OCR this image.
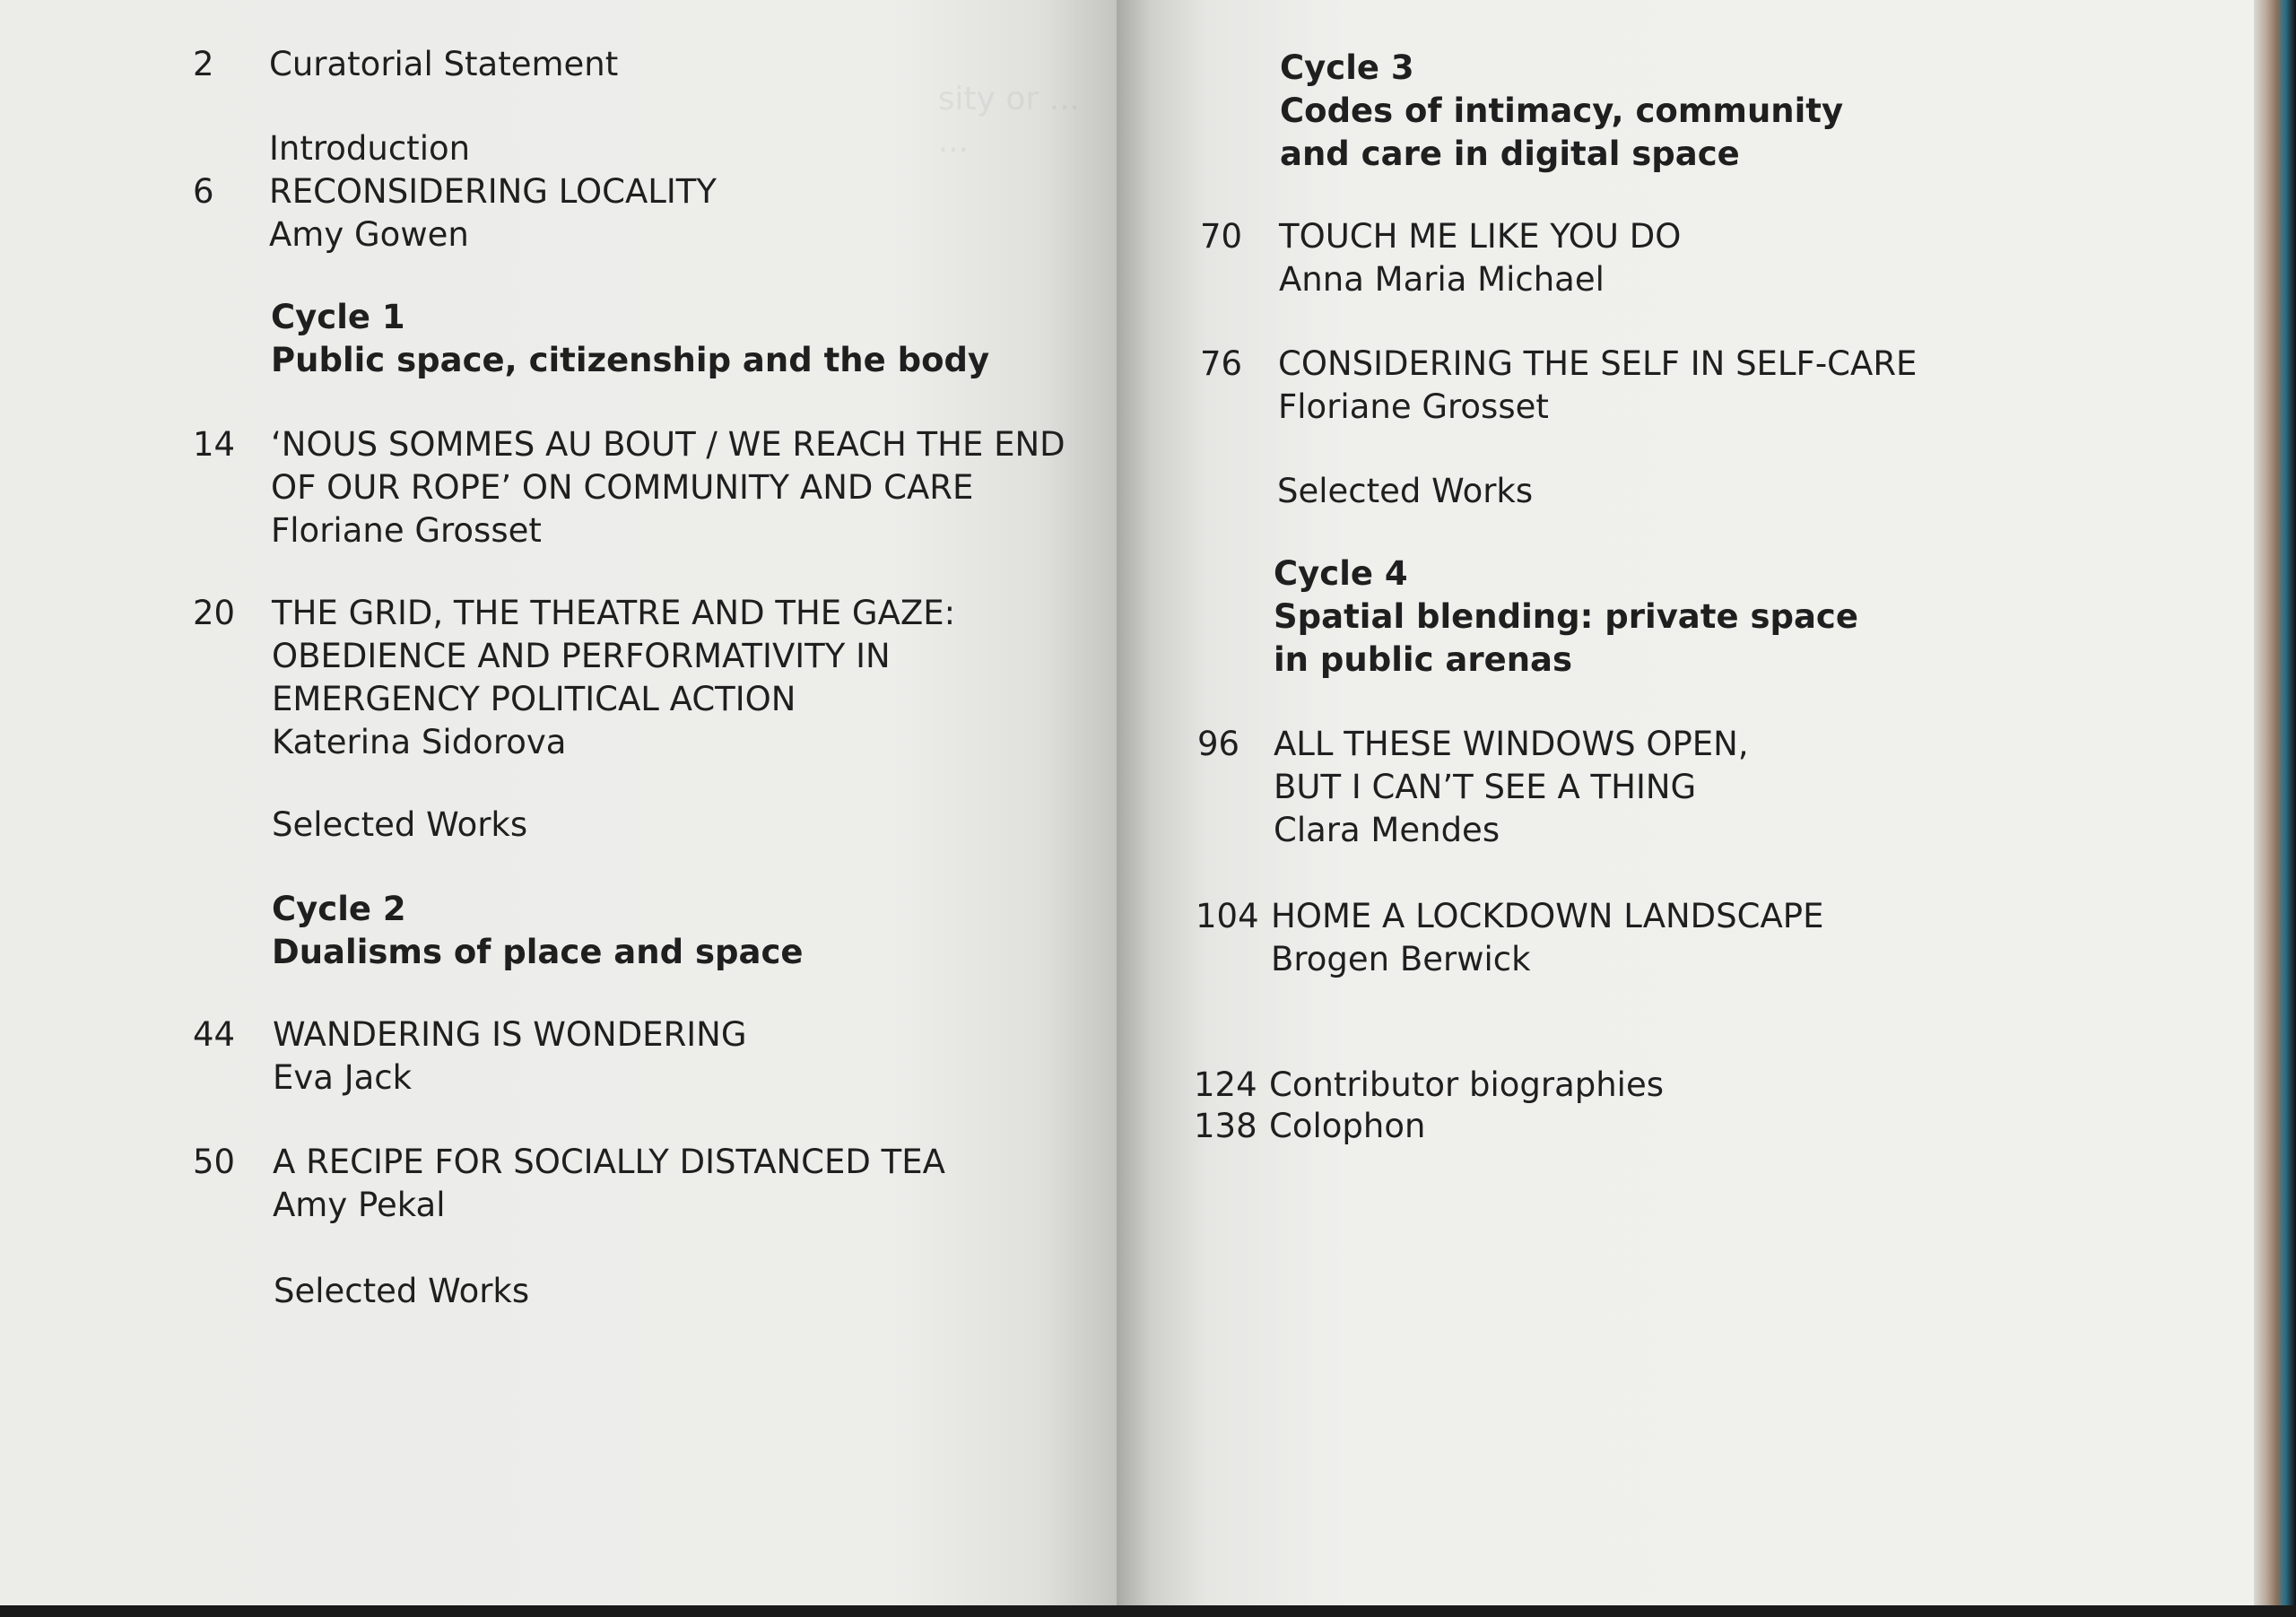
sity or ...
...

2	Curatorial Statement
Introduction
6	RECONSIDERING LOCALITY
Amy Gowen
Cycle 1
Public space, citizenship and the body
14	‘NOUS SOMMES AU BOUT / WE REACH THE END
OF OUR ROPE’ ON COMMUNITY AND CARE
Floriane Grosset
20	THE GRID, THE THEATRE AND THE GAZE:
OBEDIENCE AND PERFORMATIVITY IN
EMERGENCY POLITICAL ACTION
Katerina Sidorova
Selected Works
Cycle 2
Dualisms of place and space
44	WANDERING IS WONDERING
Eva Jack
50	A RECIPE FOR SOCIALLY DISTANCED TEA
Amy Pekal
Selected Works
Cycle 3
Codes of intimacy, community
and care in digital space
70	TOUCH ME LIKE YOU DO
Anna Maria Michael
76	CONSIDERING THE SELF IN SELF-CARE
Floriane Grosset
Selected Works
Cycle 4
Spatial blending: private space
in public arenas
96	ALL THESE WINDOWS OPEN,
BUT I CAN’T SEE A THING
Clara Mendes
104 HOME A LOCKDOWN LANDSCAPE
Brogen Berwick
124 Contributor biographies
138 Colophon
